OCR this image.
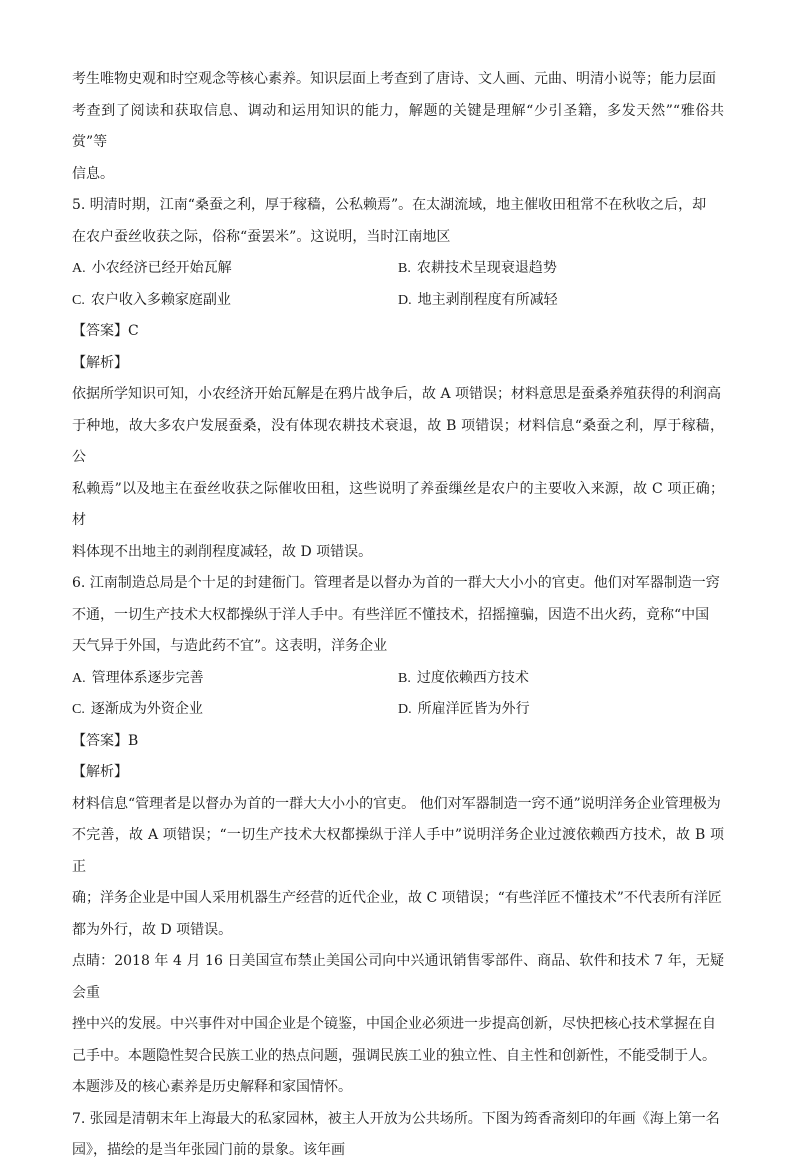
考生唯物史观和时空观念等核心素养。知识层面上考查到了唐诗、文人画、元曲、明清小说等；能力层面

考查到了阅读和获取信息、调动和运用知识的能力，解题的关键是理解“少引圣籍，多发天然”“雅俗共赏”等

信息。

5. 明清时期，江南“桑蚕之利，厚于稼穑，公私赖焉”。在太湖流域，地主催收田租常不在秋收之后，却

在农户蚕丝收获之际，俗称“蚕罢米”。这说明，当时江南地区

A. 小农经济已经开始瓦解	B. 农耕技术呈现衰退趋势
C. 农户收入多赖家庭副业	D. 地主剥削程度有所减轻
【答案】C
【解析】

依据所学知识可知，小农经济开始瓦解是在鸦片战争后，故 A 项错误；材料意思是蚕桑养殖获得的利润高

于种地，故大多农户发展蚕桑，没有体现农耕技术衰退，故 B 项错误；材料信息“桑蚕之利，厚于稼穑，公

私赖焉”以及地主在蚕丝收获之际催收田租，这些说明了养蚕缫丝是农户的主要收入来源，故 C 项正确；材

料体现不出地主的剥削程度减轻，故 D 项错误。

6. 江南制造总局是个十足的封建衙门。管理者是以督办为首的一群大大小小的官吏。他们对军器制造一窍

不通，一切生产技术大权都操纵于洋人手中。有些洋匠不懂技术，招摇撞骗，因造不出火药，竟称“中国

天气异于外国，与造此药不宜”。这表明，洋务企业

A. 管理体系逐步完善	B. 过度依赖西方技术
C. 逐渐成为外资企业	D. 所雇洋匠皆为外行
【答案】B
【解析】

材料信息“管理者是以督办为首的一群大大小小的官吏。 他们对军器制造一窍不通”说明洋务企业管理极为

不完善，故 A 项错误；“一切生产技术大权都操纵于洋人手中”说明洋务企业过渡依赖西方技术，故 B 项正

确；洋务企业是中国人采用机器生产经营的近代企业，故 C 项错误；“有些洋匠不懂技术”不代表所有洋匠

都为外行，故 D 项错误。

点睛：2018 年 4 月 16 日美国宣布禁止美国公司向中兴通讯销售零部件、商品、软件和技术 7 年，无疑会重

挫中兴的发展。中兴事件对中国企业是个镜鉴，中国企业必须进一步提高创新，尽快把核心技术掌握在自

己手中。本题隐性契合民族工业的热点问题，强调民族工业的独立性、自主性和创新性，不能受制于人。

本题涉及的核心素养是历史解释和家国情怀。

7. 张园是清朝末年上海最大的私家园林，被主人开放为公共场所。下图为筠香斋刻印的年画《海上第一名

园》，描绘的是当年张园门前的景象。该年画
